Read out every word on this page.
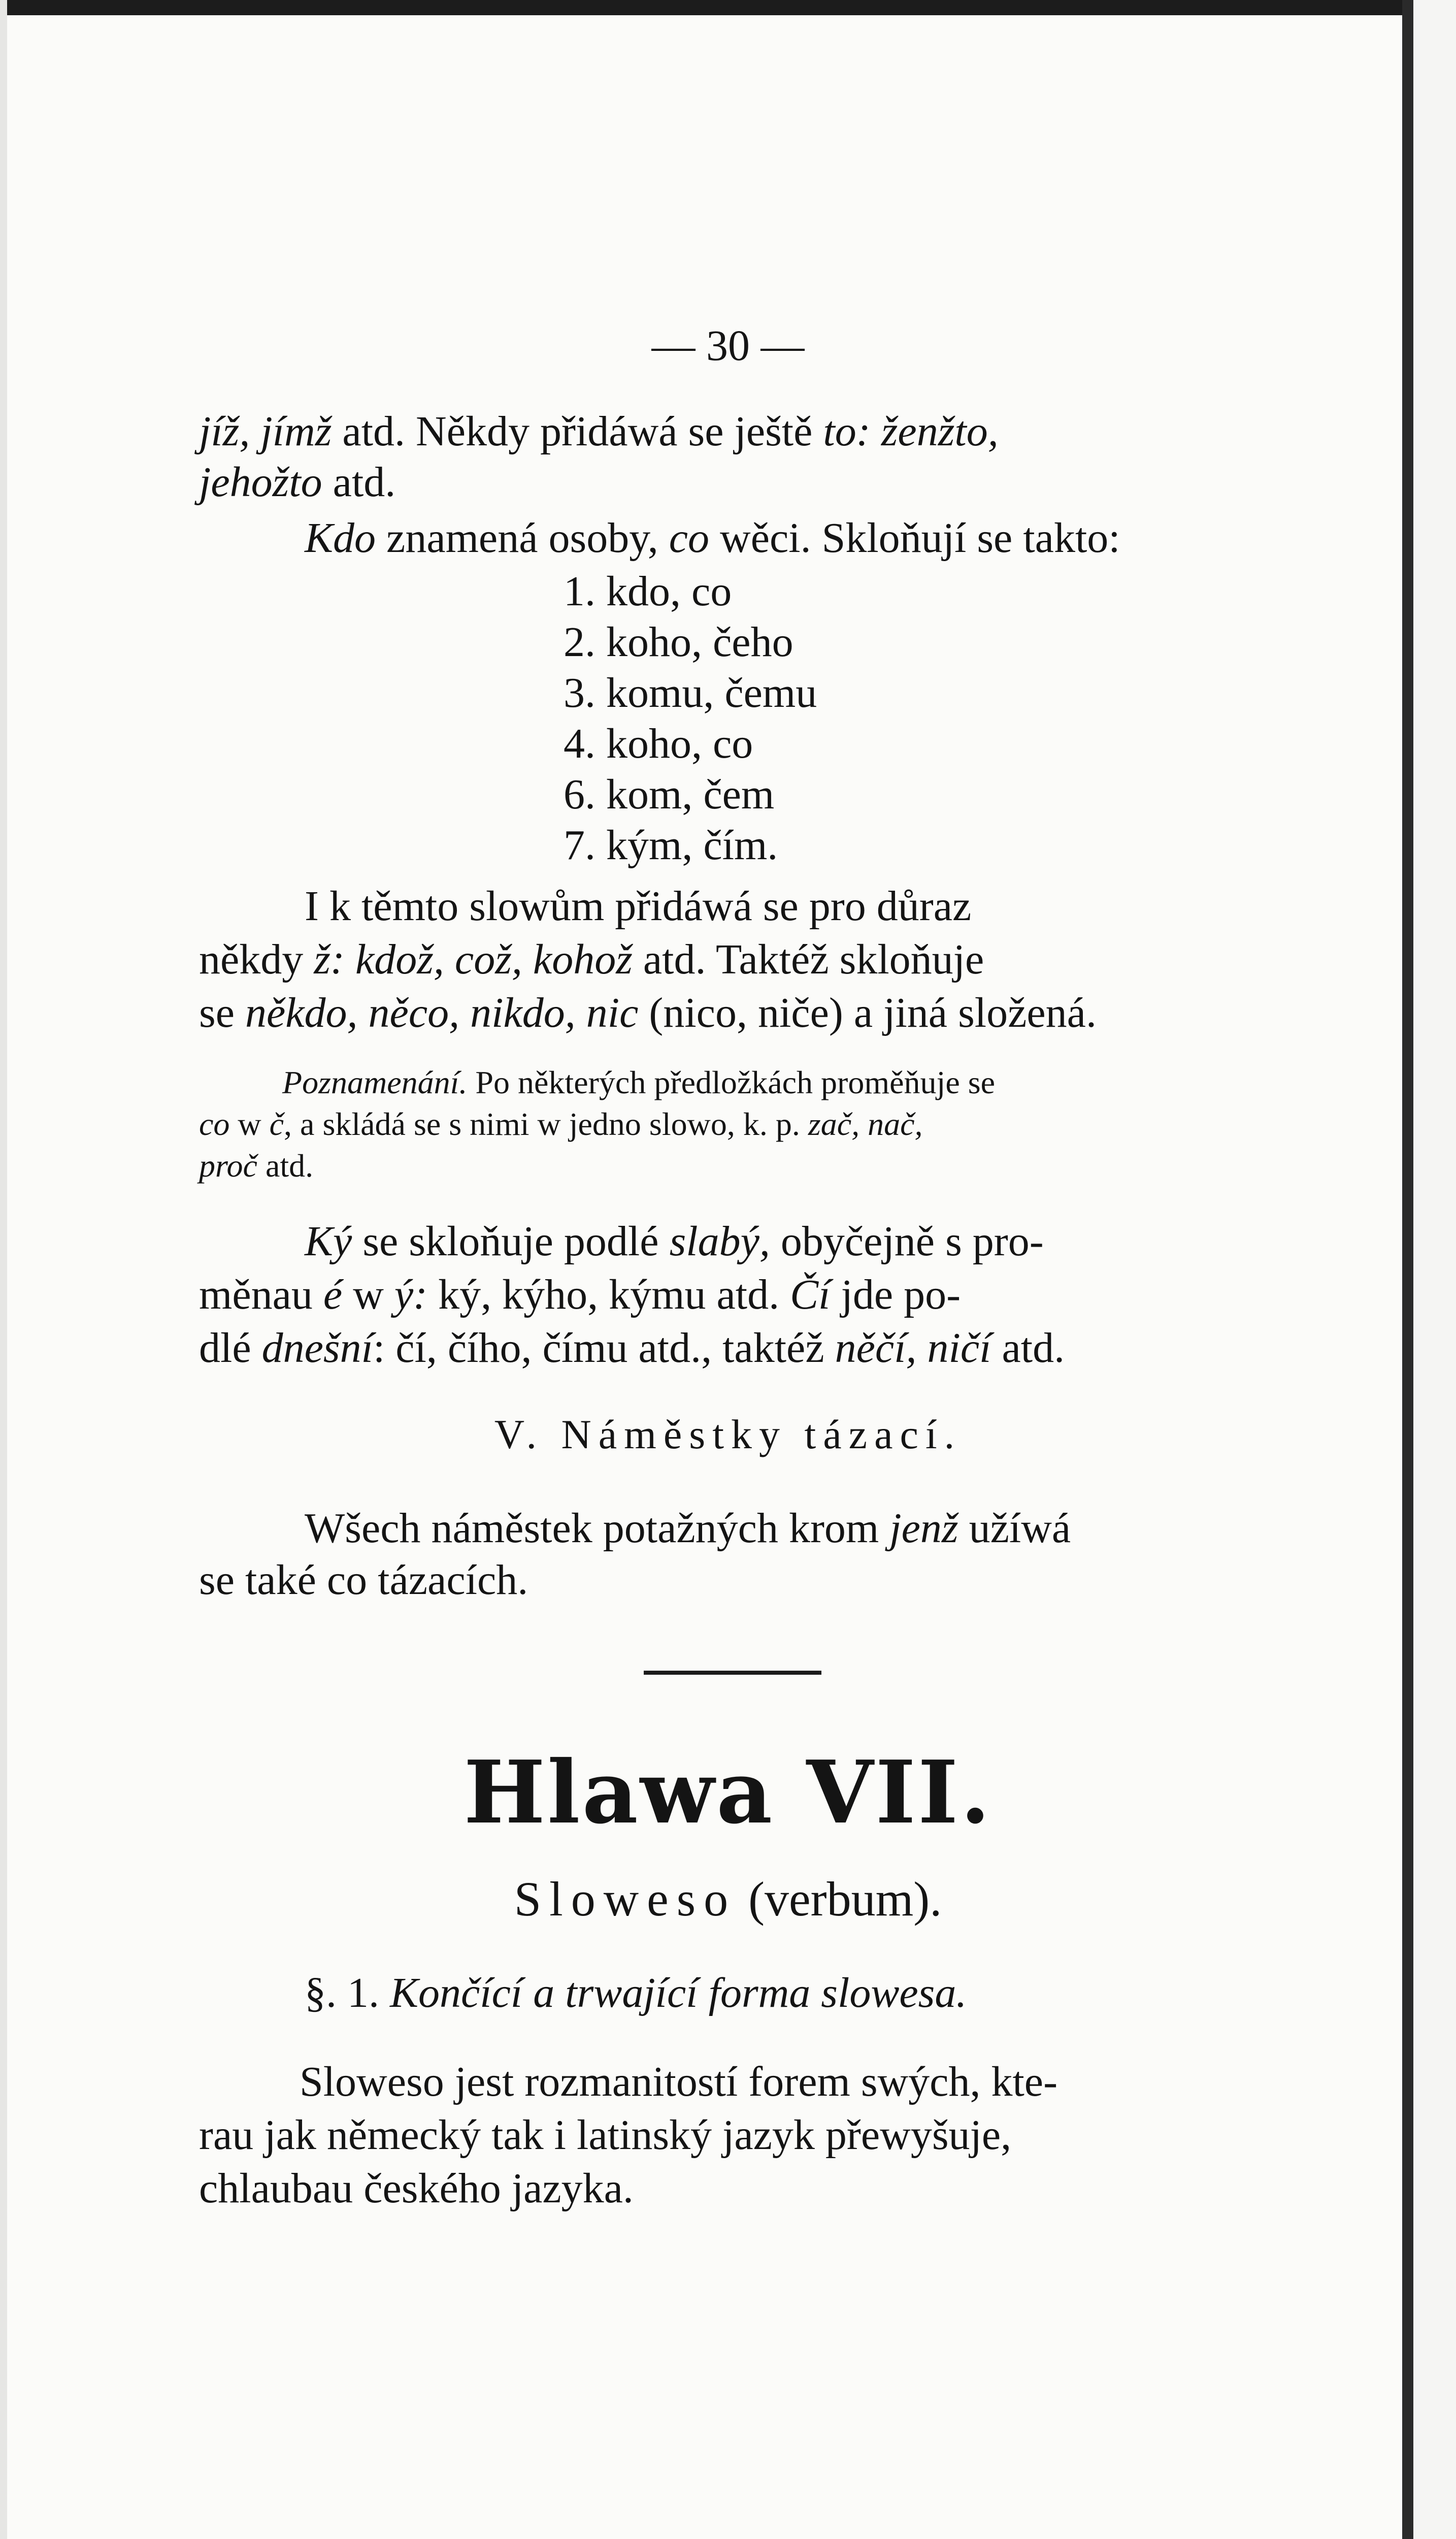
— 30 —
jíž, jímž atd. Někdy přidáwá se ještě to: ženžto,
jehožto atd.
Kdo znamená osoby, co wěci. Skloňují se takto:
1. kdo, co
2. koho, čeho
3. komu, čemu
4. koho, co
6. kom, čem
7. kým, čím.
I k těmto slowům přidáwá se pro důraz
někdy ž: kdož, což, kohož atd. Taktéž skloňuje
se někdo, něco, nikdo, nic (nico, niče) a jiná složená.
Poznamenání. Po některých předložkách proměňuje se
co w č, a skládá se s nimi w jedno slowo, k. p. zač, nač,
proč atd.
Ký se skloňuje podlé slabý, obyčejně s pro-
měnau é w ý: ký, kýho, kýmu atd. Čí jde po-
dlé dnešní: čí, čího, čímu atd., taktéž něčí, ničí atd.
V. Náměstky tázací.
Wšech náměstek potažných krom jenž užíwá
se také co tázacích.
Hlawa VII.
Sloweso (verbum).
§. 1. Končící a trwající forma slowesa.
Sloweso jest rozmanitostí forem swých, kte-
rau jak německý tak i latinský jazyk přewyšuje,
chlaubau českého jazyka.
